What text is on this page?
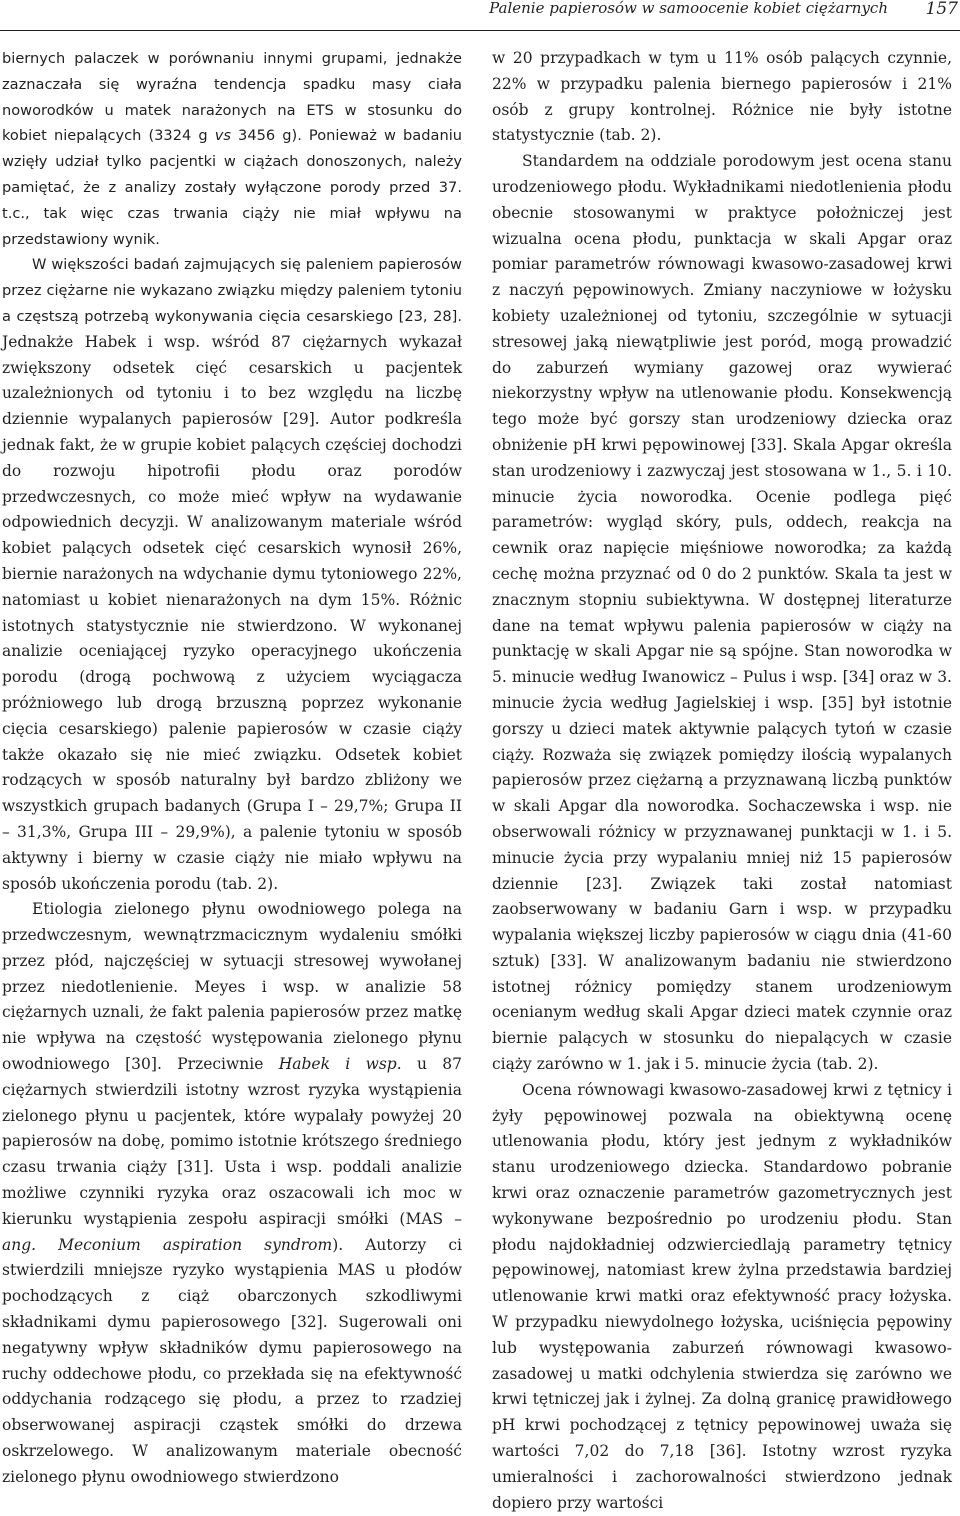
Palenie papierosów w samoocenie kobiet ciężarnych 157

biernych palaczek w porównaniu innymi grupami, jednakże zaznaczała się wyraźna tendencja spadku masy ciała noworodków u matek narażonych na ETS w stosunku do kobiet niepalących (3324 g vs 3456 g). Ponieważ w badaniu wzięły udział tylko pacjentki w ciążach donoszonych, należy pamiętać, że z analizy zostały wyłączone porody przed 37. t.c., tak więc czas trwania ciąży nie miał wpływu na przedstawiony wynik.

W większości badań zajmujących się paleniem papierosów przez ciężarne nie wykazano związku między paleniem tytoniu a częstszą potrzebą wykonywania cięcia cesarskiego [23, 28]. Jednakże Habek i wsp. wśród 87 ciężarnych wykazał zwiększony odsetek cięć cesarskich u pacjentek uzależnionych od tytoniu i to bez względu na liczbę dziennie wypalanych papierosów [29]. Autor podkreśla jednak fakt, że w grupie kobiet palących częściej dochodzi do rozwoju hipotrofii płodu oraz porodów przedwczesnych, co może mieć wpływ na wydawanie odpowiednich decyzji. W analizowanym materiale wśród kobiet palących odsetek cięć cesarskich wynosił 26%, biernie narażonych na wdychanie dymu tytoniowego 22%, natomiast u kobiet nienarażonych na dym 15%. Różnic istotnych statystycznie nie stwierdzono. W wykonanej analizie oceniającej ryzyko operacyjnego ukończenia porodu (drogą pochwową z użyciem wyciągacza próżniowego lub drogą brzuszną poprzez wykonanie cięcia cesarskiego) palenie papierosów w czasie ciąży także okazało się nie mieć związku. Odsetek kobiet rodzących w sposób naturalny był bardzo zbliżony we wszystkich grupach badanych (Grupa I – 29,7%; Grupa II – 31,3%, Grupa III – 29,9%), a palenie tytoniu w sposób aktywny i bierny w czasie ciąży nie miało wpływu na sposób ukończenia porodu (tab. 2).

Etiologia zielonego płynu owodniowego polega na przedwczesnym, wewnątrzmacicznym wydaleniu smółki przez płód, najczęściej w sytuacji stresowej wywołanej przez niedotlenienie. Meyes i wsp. w analizie 58 ciężarnych uznali, że fakt palenia papierosów przez matkę nie wpływa na częstość występowania zielonego płynu owodniowego [30]. Przeciwnie Habek i wsp. u 87 ciężarnych stwierdzili istotny wzrost ryzyka wystąpienia zielonego płynu u pacjentek, które wypalały powyżej 20 papierosów na dobę, pomimo istotnie krótszego średniego czasu trwania ciąży [31]. Usta i wsp. poddali analizie możliwe czynniki ryzyka oraz oszacowali ich moc w kierunku wystąpienia zespołu aspiracji smółki (MAS – ang. Meconium aspiration syndrom). Autorzy ci stwierdzili mniejsze ryzyko wystąpienia MAS u płodów pochodzących z ciąż obarczonych szkodliwymi składnikami dymu papierosowego [32]. Sugerowali oni negatywny wpływ składników dymu papierosowego na ruchy oddechowe płodu, co przekłada się na efektywność oddychania rodzącego się płodu, a przez to rzadziej obserwowanej aspiracji cząstek smółki do drzewa oskrzelowego. W analizowanym materiale obecność zielonego płynu owodniowego stwierdzono

w 20 przypadkach w tym u 11% osób palących czynnie, 22% w przypadku palenia biernego papierosów i 21% osób z grupy kontrolnej. Różnice nie były istotne statystycznie (tab. 2).

Standardem na oddziale porodowym jest ocena stanu urodzeniowego płodu. Wykładnikami niedotlenienia płodu obecnie stosowanymi w praktyce położniczej jest wizualna ocena płodu, punktacja w skali Apgar oraz pomiar parametrów równowagi kwasowo-zasadowej krwi z naczyń pępowinowych. Zmiany naczyniowe w łożysku kobiety uzależnionej od tytoniu, szczególnie w sytuacji stresowej jaką niewątpliwie jest poród, mogą prowadzić do zaburzeń wymiany gazowej oraz wywierać niekorzystny wpływ na utlenowanie płodu. Konsekwencją tego może być gorszy stan urodzeniowy dziecka oraz obniżenie pH krwi pępowinowej [33]. Skala Apgar określa stan urodzeniowy i zazwyczaj jest stosowana w 1., 5. i 10. minucie życia noworodka. Ocenie podlega pięć parametrów: wygląd skóry, puls, oddech, reakcja na cewnik oraz napięcie mięśniowe noworodka; za każdą cechę można przyznać od 0 do 2 punktów. Skala ta jest w znacznym stopniu subiektywna. W dostępnej literaturze dane na temat wpływu palenia papierosów w ciąży na punktację w skali Apgar nie są spójne. Stan noworodka w 5. minucie według Iwanowicz – Pulus i wsp. [34] oraz w 3. minucie życia według Jagielskiej i wsp. [35] był istotnie gorszy u dzieci matek aktywnie palących tytoń w czasie ciąży. Rozważa się związek pomiędzy ilością wypalanych papierosów przez ciężarną a przyznawaną liczbą punktów w skali Apgar dla noworodka. Sochaczewska i wsp. nie obserwowali różnicy w przyznawanej punktacji w 1. i 5. minucie życia przy wypalaniu mniej niż 15 papierosów dziennie [23]. Związek taki został natomiast zaobserwowany w badaniu Garn i wsp. w przypadku wypalania większej liczby papierosów w ciągu dnia (41-60 sztuk) [33]. W analizowanym badaniu nie stwierdzono istotnej różnicy pomiędzy stanem urodzeniowym ocenianym według skali Apgar dzieci matek czynnie oraz biernie palących w stosunku do niepalących w czasie ciąży zarówno w 1. jak i 5. minucie życia (tab. 2).

Ocena równowagi kwasowo-zasadowej krwi z tętnicy i żyły pępowinowej pozwala na obiektywną ocenę utlenowania płodu, który jest jednym z wykładników stanu urodzeniowego dziecka. Standardowo pobranie krwi oraz oznaczenie parametrów gazometrycznych jest wykonywane bezpośrednio po urodzeniu płodu. Stan płodu najdokładniej odzwierciedlają parametry tętnicy pępowinowej, natomiast krew żylna przedstawia bardziej utlenowanie krwi matki oraz efektywność pracy łożyska. W przypadku niewydolnego łożyska, uciśnięcia pępowiny lub występowania zaburzeń równowagi kwasowo-zasadowej u matki odchylenia stwierdza się zarówno we krwi tętniczej jak i żylnej. Za dolną granicę prawidłowego pH krwi pochodzącej z tętnicy pępowinowej uważa się wartości 7,02 do 7,18 [36]. Istotny wzrost ryzyka umieralności i zachorowalności stwierdzono jednak dopiero przy wartości
